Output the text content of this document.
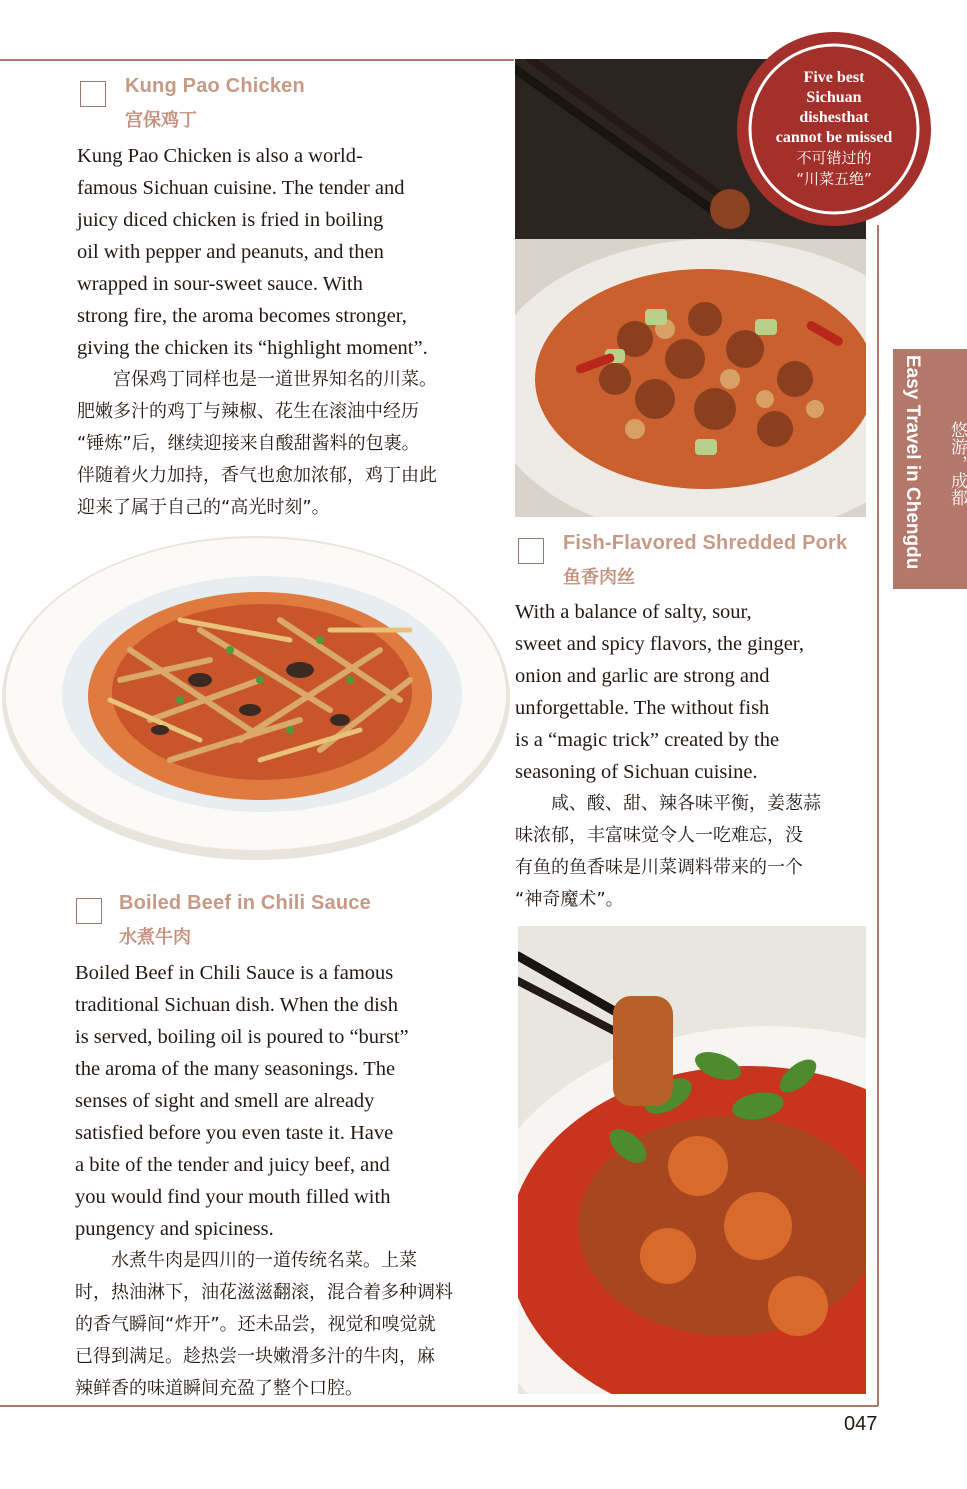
Kung Pao Chicken
宫保鸡丁
Kung Pao Chicken is also a world-
famous Sichuan cuisine. The tender and
juicy diced chicken is fried in boiling
oil with pepper and peanuts, and then
wrapped in sour-sweet sauce. With
strong fire, the aroma becomes stronger,
giving the chicken its “highlight moment”.
　　宫保鸡丁同样也是一道世界知名的川菜。
肥嫩多汁的鸡丁与辣椒、花生在滚油中经历
“锤炼”后，继续迎接来自酸甜酱料的包裹。
伴随着火力加持，香气也愈加浓郁，鸡丁由此
迎来了属于自己的“高光时刻”。
Boiled Beef in Chili Sauce
水煮牛肉
Boiled Beef in Chili Sauce is a famous
traditional Sichuan dish. When the dish
is served, boiling oil is poured to “burst”
the aroma of the many seasonings. The
senses of sight and smell are already
satisfied before you even taste it. Have
a bite of the tender and juicy beef, and
you would find your mouth filled with
pungency and spiciness.
　　水煮牛肉是四川的一道传统名菜。上菜
时，热油淋下，油花滋滋翻滚，混合着多种调料
的香气瞬间“炸开”。还未品尝，视觉和嗅觉就
已得到满足。趁热尝一块嫩滑多汁的牛肉，麻
辣鲜香的味道瞬间充盈了整个口腔。
Fish-Flavored Shredded Pork
鱼香肉丝
With a balance of salty, sour,
sweet and spicy flavors, the ginger,
onion and garlic are strong and
unforgettable. The without fish
is a “magic trick” created by the
seasoning of Sichuan cuisine.
　　咸、酸、甜、辣各味平衡，姜葱蒜
味浓郁，丰富味觉令人一吃难忘，没
有鱼的鱼香味是川菜调料带来的一个
“神奇魔术”。
Five best
Sichuan
dishesthat
cannot be missed
不可错过的
“川菜五绝”
Easy Travel in Chengdu	悠游，成都
047
